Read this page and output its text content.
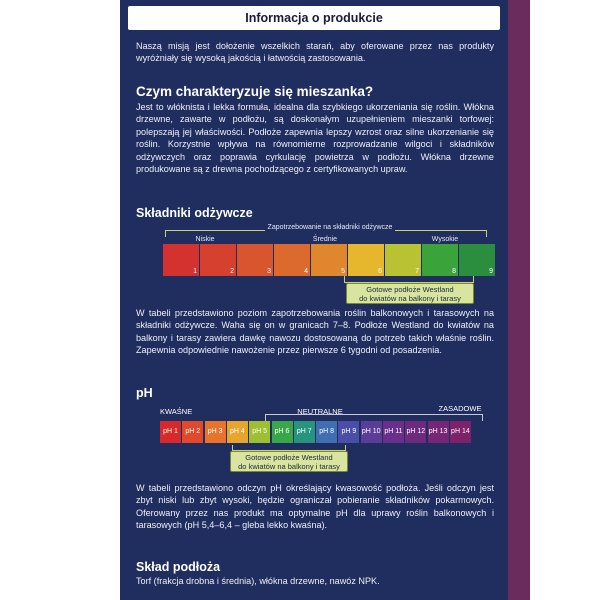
Informacja o produkcie

Naszą misją jest dołożenie wszelkich starań, aby oferowane przez nas produkty wyróżniały się wysoką jakością i łatwością zastosowania.

Czym charakteryzuje się mieszanka?

Jest to włóknista i lekka formuła, idealna dla szybkiego ukorzeniania się roślin. Włókna drzewne, zawarte w podłożu, są doskonałym uzupełnieniem mieszanki torfowej: polepszają jej właściwości. Podłoże zapewnia lepszy wzrost oraz silne ukorzenianie się roślin. Korzystnie wpływa na równomierne rozprowadzanie wilgoci i składników odżywczych oraz poprawia cyrkulację powietrza w podłożu. Włókna drzewne produkowane są z drewna pochodzącego z certyfikowanych upraw.

Składniki odżywcze

Zapotrzebowanie na składniki odżywcze
Niskie	Średnie	Wysokie
1	2	3	4	5	6	7	8	9
Gotowe podłoże Westland
do kwiatów na balkony i tarasy

W tabeli przedstawiono poziom zapotrzebowania roślin balkonowych i tarasowych na składniki odżywcze. Waha się on w granicach 7–8. Podłoże Westland do kwiatów na balkony i tarasy zawiera dawkę nawozu dostosowaną do potrzeb takich właśnie roślin. Zapewnia odpowiednie nawożenie przez pierwsze 6 tygodni od posadzenia.

pH

KWAŚNE	NEUTRALNE	ZASADOWE
pH 1	pH 2	pH 3	pH 4	pH 5	pH 6	pH 7	pH 8	pH 9 pH 10 pH 11 pH 12 pH 13 pH 14
Gotowe podłoże Westland
do kwiatów na balkony i tarasy

W tabeli przedstawiono odczyn pH określający kwasowość podłoża. Jeśli odczyn jest zbyt niski lub zbyt wysoki, będzie ograniczał pobieranie składników pokarmowych. Oferowany przez nas produkt ma optymalne pH dla uprawy roślin balkonowych i tarasowych (pH 5,4–6,4 – gleba lekko kwaśna).

Skład podłoża

Torf (frakcja drobna i średnia), włókna drzewne, nawóz NPK.
